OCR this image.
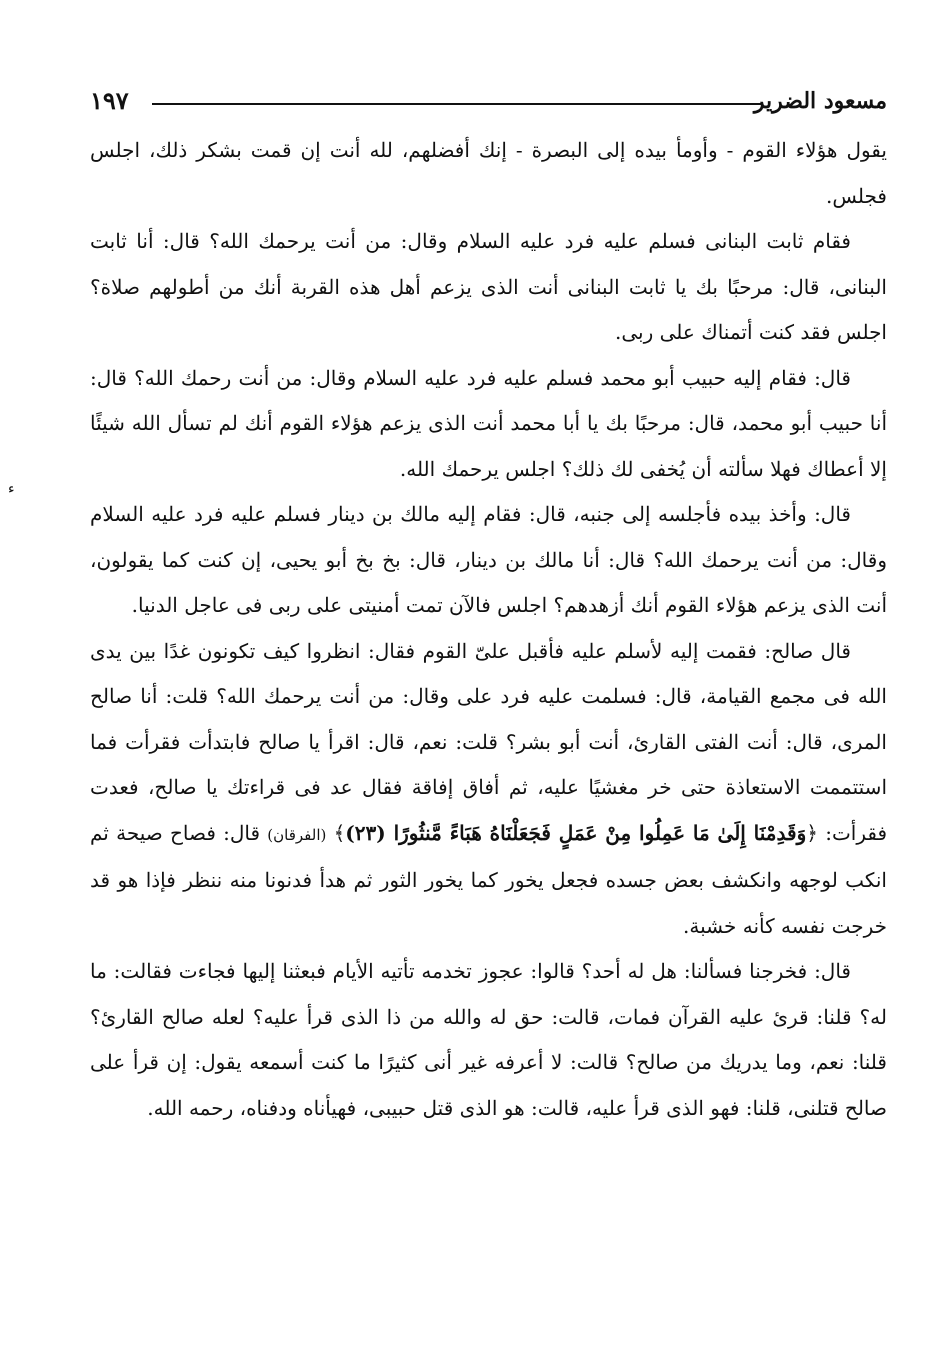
مسعود الضرير
١٩٧

يقول هؤلاء القوم - وأومأ بيده إلى البصرة - إنك أفضلهم، لله أنت إن قمت بشكر ذلك، اجلس فجلس.

فقام ثابت البنانى فسلم عليه فرد عليه السلام وقال: من أنت يرحمك الله؟ قال: أنا ثابت البنانى، قال: مرحبًا بك يا ثابت البنانى أنت الذى يزعم أهل هذه القربة أنك من أطولهم صلاة؟ اجلس فقد كنت أتمناك على ربى.

قال: فقام إليه حبيب أبو محمد فسلم عليه فرد عليه السلام وقال: من أنت رحمك الله؟ قال: أنا حبيب أبو محمد، قال: مرحبًا بك يا أبا محمد أنت الذى يزعم هؤلاء القوم أنك لم تسأل الله شيئًا إلا أعطاك فهلا سألته أن يُخفى لك ذلك؟ اجلس يرحمك الله.

قال: وأخذ بيده فأجلسه إلى جنبه، قال: فقام إليه مالك بن دينار فسلم عليه فرد عليه السلام وقال: من أنت يرحمك الله؟ قال: أنا مالك بن دينار، قال: بخ بخ أبو يحيى، إن كنت كما يقولون، أنت الذى يزعم هؤلاء القوم أنك أزهدهم؟ اجلس فالآن تمت أمنيتى على ربى فى عاجل الدنيا.

قال صالح: فقمت إليه لأسلم عليه فأقبل علىّ القوم فقال: انظروا كيف تكونون غدًا بين يدى الله فى مجمع القيامة، قال: فسلمت عليه فرد على وقال: من أنت يرحمك الله؟ قلت: أنا صالح المرى، قال: أنت الفتى القارئ، أنت أبو بشر؟ قلت: نعم، قال: اقرأ يا صالح فابتدأت فقرأت فما استتممت الاستعاذة حتى خر مغشيًا عليه، ثم أفاق إفاقة فقال عد فى قراءتك يا صالح، فعدت فقرأت: ﴿وَقَدِمْنَا إِلَىٰ مَا عَمِلُوا مِنْ عَمَلٍ فَجَعَلْنَاهُ هَبَاءً مَّنثُورًا (٢٣)﴾ (الفرقان) قال: فصاح صيحة ثم انكب لوجهه وانكشف بعض جسده فجعل يخور كما يخور الثور ثم هدأ فدنونا منه ننظر فإذا هو قد خرجت نفسه كأنه خشبة.

قال: فخرجنا فسألنا: هل له أحد؟ قالوا: عجوز تخدمه تأتيه الأيام فبعثنا إليها فجاءت فقالت: ما له؟ قلنا: قرئ عليه القرآن فمات، قالت: حق له والله من ذا الذى قرأ عليه؟ لعله صالح القارئ؟ قلنا: نعم، وما يدريك من صالح؟ قالت: لا أعرفه غير أنى كثيرًا ما كنت أسمعه يقول: إن قرأ على صالح قتلنى، قلنا: فهو الذى قرأ عليه، قالت: هو الذى قتل حبيبى، فهيأناه ودفناه، رحمه الله.

ء
